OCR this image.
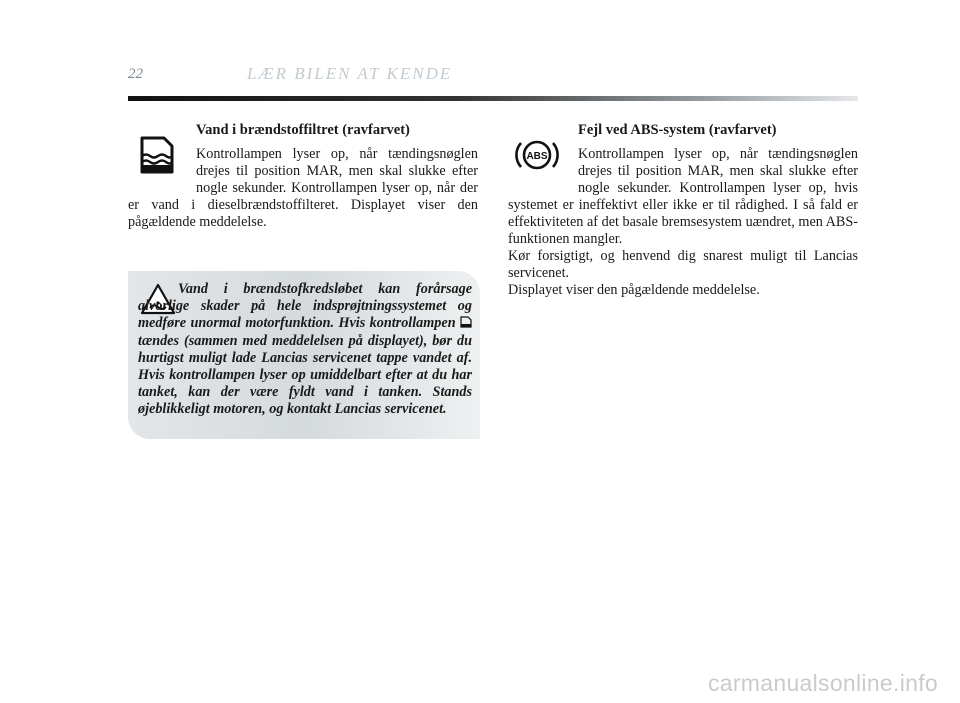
22	LÆR BILEN AT KENDE
Vand i brændstoffiltret (ravfarvet)

Kontrollampen lyser op, når tændingsnøglen drejes til position MAR, men skal slukke efter nogle sekunder. Kontrollampen lyser op, når der er vand i dieselbrændstoffilteret. Displayet viser den pågældende meddelelse.

Vand i brændstofkredsløbet kan forårsage alvorlige skader på hele indsprøjtningssystemet og medføre unormal motorfunktion. Hvis kontrollampen  tændes (sammen med meddelelsen på displayet), bør du hurtigst muligt lade Lancias servicenet tappe vandet af. Hvis kontrollampen lyser op umiddelbart efter at du har tanket, kan der være fyldt vand i tanken. Stands øjeblikkeligt motoren, og kontakt Lancias servicenet.

ABS
Fejl ved ABS-system (ravfarvet)

Kontrollampen lyser op, når tændingsnøglen drejes til position MAR, men skal slukke efter nogle sekunder. Kontrollampen lyser op, hvis systemet er ineffektivt eller ikke er til rådighed. I så fald er effektiviteten af det basale bremsesystem uændret, men ABS-funktionen mangler.

Kør forsigtigt, og henvend dig snarest muligt til Lancias servicenet.

Displayet viser den pågældende meddelelse.

carmanualsonline.info
